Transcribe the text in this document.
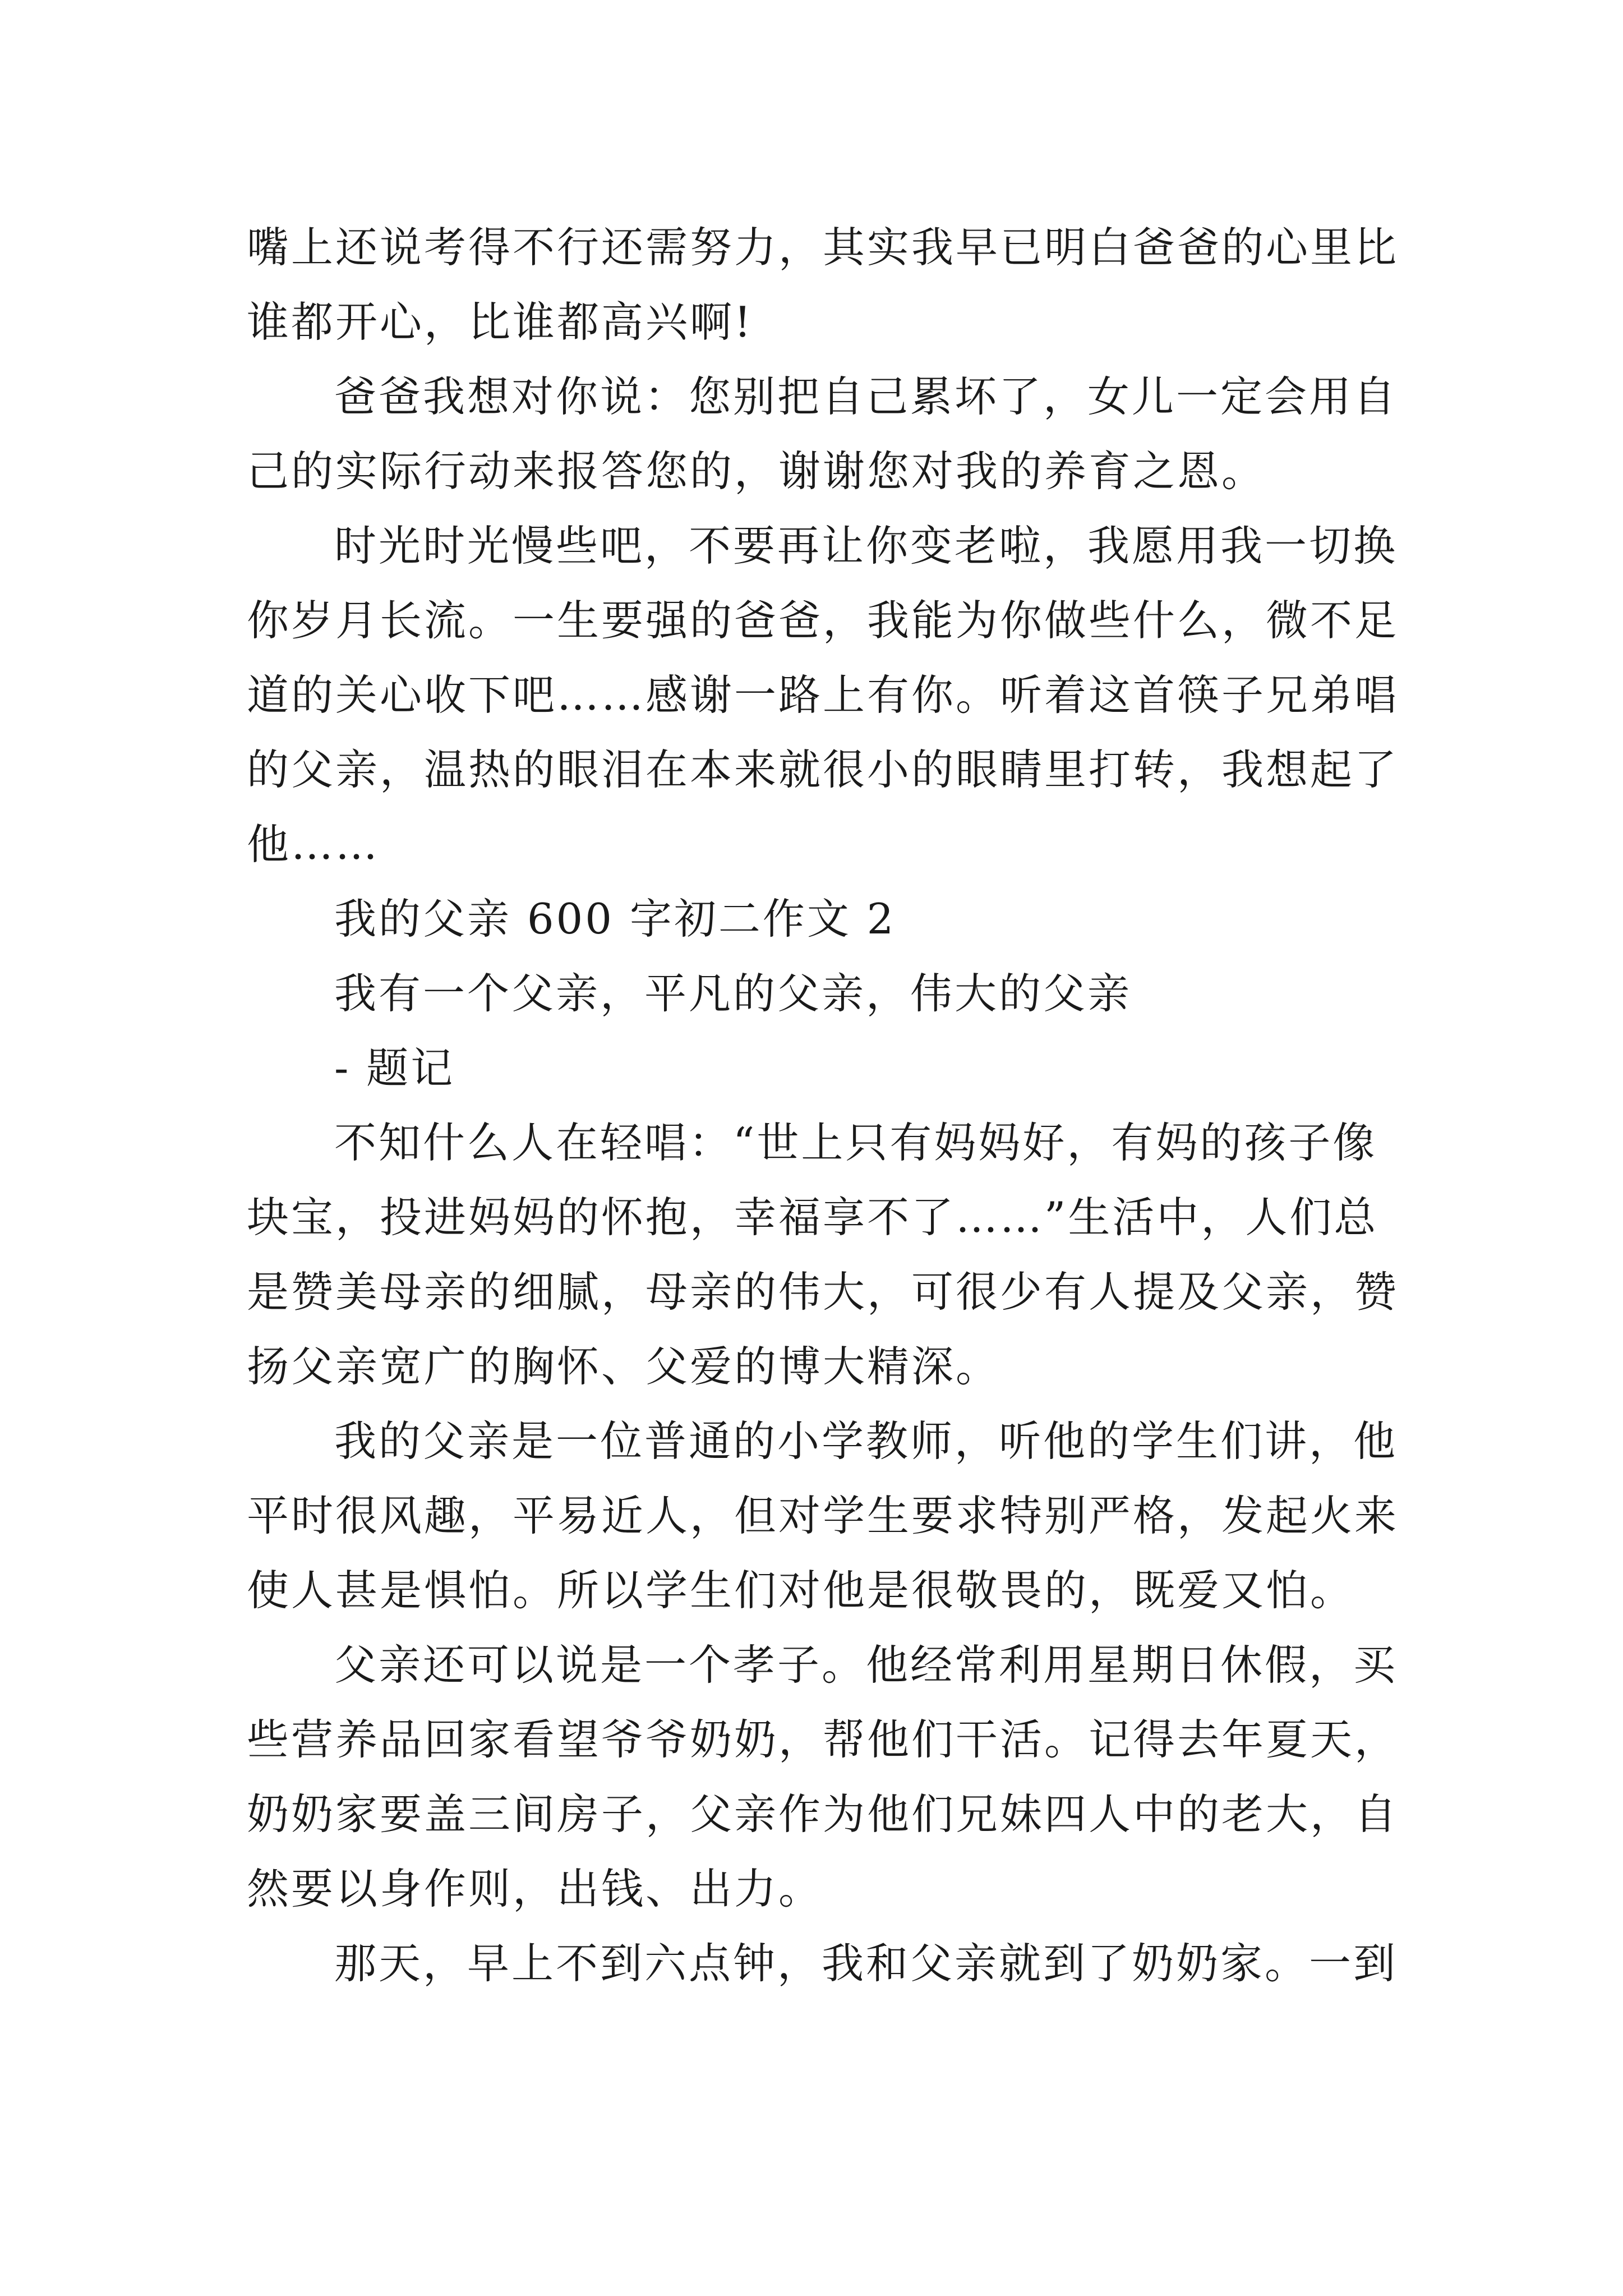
嘴上还说考得不行还需努力，其实我早已明白爸爸的心里比
谁都开心，比谁都高兴啊!
爸爸我想对你说：您别把自己累坏了，女儿一定会用自
己的实际行动来报答您的，谢谢您对我的养育之恩。
时光时光慢些吧，不要再让你变老啦，我愿用我一切换
你岁月长流。一生要强的爸爸，我能为你做些什么，微不足
道的关心收下吧……感谢一路上有你。听着这首筷子兄弟唱
的父亲，温热的眼泪在本来就很小的眼睛里打转，我想起了
他……
我的父亲 600 字初二作文 2
我有一个父亲，平凡的父亲，伟大的父亲
- 题记
不知什么人在轻唱：“世上只有妈妈好，有妈的孩子像
块宝，投进妈妈的怀抱，幸福享不了……”生活中，人们总
是赞美母亲的细腻，母亲的伟大，可很少有人提及父亲，赞
扬父亲宽广的胸怀、父爱的博大精深。
我的父亲是一位普通的小学教师，听他的学生们讲，他
平时很风趣，平易近人，但对学生要求特别严格，发起火来
使人甚是惧怕。所以学生们对他是很敬畏的，既爱又怕。
父亲还可以说是一个孝子。他经常利用星期日休假，买
些营养品回家看望爷爷奶奶，帮他们干活。记得去年夏天，
奶奶家要盖三间房子，父亲作为他们兄妹四人中的老大，自
然要以身作则，出钱、出力。
那天，早上不到六点钟，我和父亲就到了奶奶家。一到
